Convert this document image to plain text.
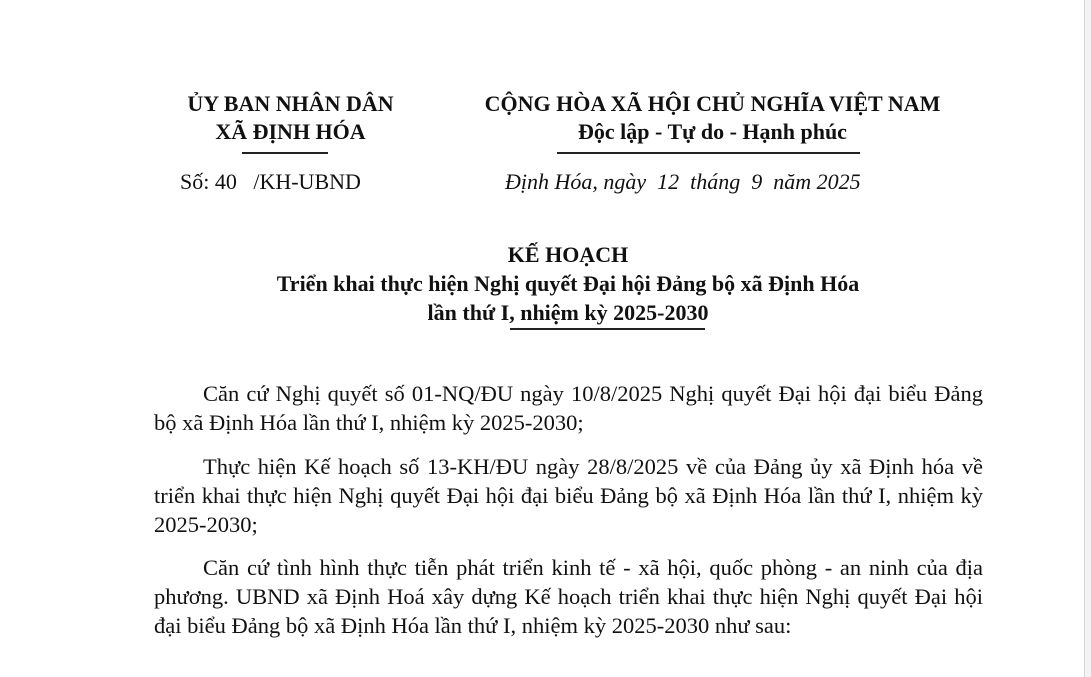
ỦY BAN NHÂN DÂN
XÃ ĐỊNH HÓA
CỘNG HÒA XÃ HỘI CHỦ NGHĨA VIỆT NAM
Độc lập - Tự do - Hạnh phúc
Số: 40   /KH-UBND	Định Hóa, ngày  12  tháng  9  năm 2025
KẾ HOẠCH
Triển khai thực hiện Nghị quyết Đại hội Đảng bộ xã Định Hóa
lần thứ I, nhiệm kỳ 2025-2030
Căn cứ Nghị quyết số 01-NQ/ĐU ngày 10/8/2025 Nghị quyết Đại hội đại biểu Đảng bộ xã Định Hóa lần thứ I, nhiệm kỳ 2025-2030;
Thực hiện Kế hoạch số 13-KH/ĐU ngày 28/8/2025 về của Đảng ủy xã Định hóa về triển khai thực hiện Nghị quyết Đại hội đại biểu Đảng bộ xã Định Hóa lần thứ I, nhiệm kỳ 2025-2030;
Căn cứ tình hình thực tiễn phát triển kinh tế - xã hội, quốc phòng - an ninh của địa phương. UBND xã Định Hoá xây dựng Kế hoạch triển khai thực hiện Nghị quyết Đại hội đại biểu Đảng bộ xã Định Hóa lần thứ I, nhiệm kỳ 2025-2030 như sau:
